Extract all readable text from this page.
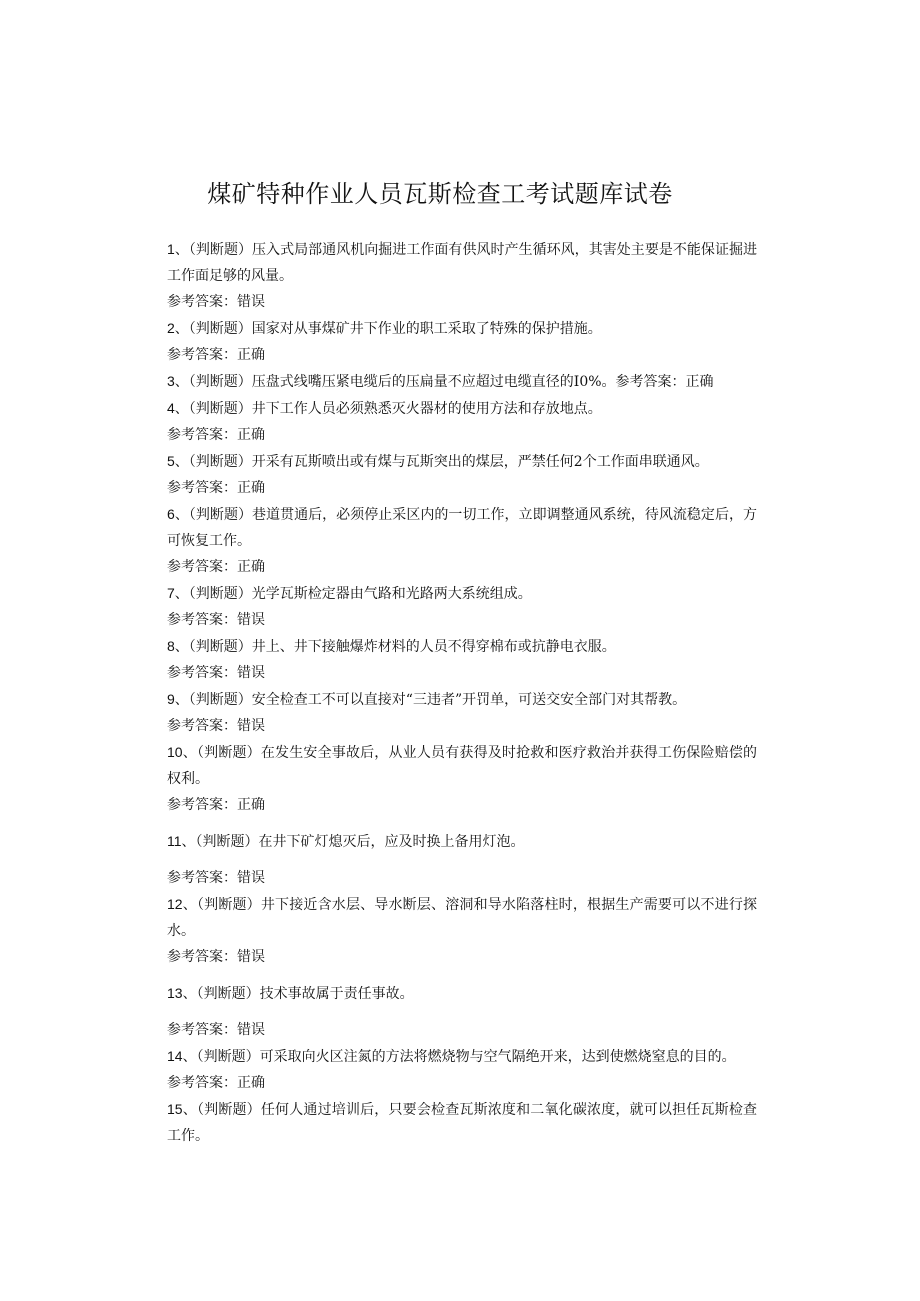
煤矿特种作业人员瓦斯检查工考试题库试卷
1、（判断题）压入式局部通风机向掘进工作面有供风时产生循环风，其害处主要是不能保证掘进工作面足够的风量。
参考答案：错误
2、（判断题）国家对从事煤矿井下作业的职工采取了特殊的保护措施。
参考答案：正确
3、（判断题）压盘式线嘴压紧电缆后的压扁量不应超过电缆直径的I0%。参考答案：正确
4、（判断题）井下工作人员必须熟悉灭火器材的使用方法和存放地点。
参考答案：正确
5、（判断题）开采有瓦斯喷出或有煤与瓦斯突出的煤层，严禁任何2个工作面串联通风。
参考答案：正确
6、（判断题）巷道贯通后，必须停止采区内的一切工作，立即调整通风系统，待风流稳定后，方可恢复工作。
参考答案：正确
7、（判断题）光学瓦斯检定器由气路和光路两大系统组成。
参考答案：错误
8、（判断题）井上、井下接触爆炸材料的人员不得穿棉布或抗静电衣服。
参考答案：错误
9、（判断题）安全检查工不可以直接对“三违者”开罚单，可送交安全部门对其帮教。
参考答案：错误
10、（判断题）在发生安全事故后，从业人员有获得及时抢救和医疗救治并获得工伤保险赔偿的权利。
参考答案：正确
11、（判断题）在井下矿灯熄灭后，应及时换上备用灯泡。
参考答案：错误
12、（判断题）井下接近含水层、导水断层、溶洞和导水陷落柱时，根据生产需要可以不进行探水。
参考答案：错误
13、（判断题）技术事故属于责任事故。
参考答案：错误
14、（判断题）可采取向火区注氮的方法将燃烧物与空气隔绝开来，达到使燃烧窒息的目的。
参考答案：正确
15、（判断题）任何人通过培训后，只要会检查瓦斯浓度和二氧化碳浓度，就可以担任瓦斯检查工作。
